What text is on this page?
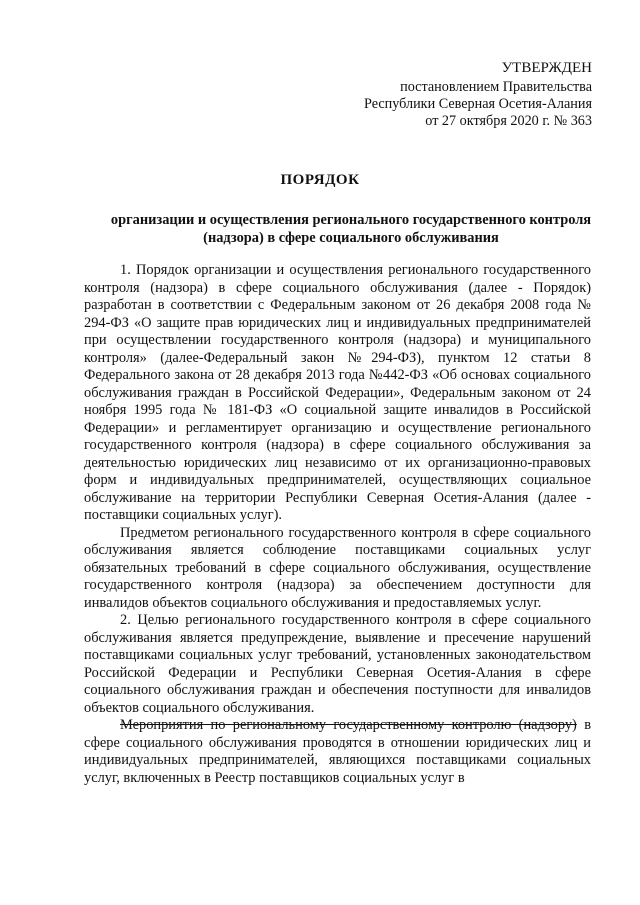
УТВЕРЖДЕН
постановлением Правительства
Республики Северная Осетия-Алания
от 27 октября 2020 г. № 363
ПОРЯДОК
организации и осуществления регионального государственного контроля (надзора) в сфере социального обслуживания

1. Порядок организации и осуществления регионального государственного контроля (надзора) в сфере социального обслуживания (далее - Порядок) разработан в соответствии с Федеральным законом от 26 декабря 2008 года № 294-ФЗ «О защите прав юридических лиц и индивидуальных предпринимателей при осуществлении государственного контроля (надзора) и муниципального контроля» (далее-Федеральный закон №294-ФЗ), пунктом 12 статьи 8 Федерального закона от 28 декабря 2013 года №442-ФЗ «Об основах социального обслуживания граждан в Российской Федерации», Федеральным законом от 24 ноября 1995 года № 181-ФЗ «О социальной защите инвалидов в Российской Федерации» и регламентирует организацию и осуществление регионального государственного контроля (надзора) в сфере социального обслуживания за деятельностью юридических лиц независимо от их организационно-правовых форм и индивидуальных предпринимателей, осуществляющих социальное обслуживание на территории Республики Северная Осетия-Алания (далее - поставщики социальных услуг).

Предметом регионального государственного контроля в сфере социального обслуживания является соблюдение поставщиками социальных услуг обязательных требований в сфере социального обслуживания, осуществление государственного контроля (надзора) за обеспечением доступности для инвалидов объектов социального обслуживания и предоставляемых услуг.

2. Целью регионального государственного контроля в сфере социального обслуживания является предупреждение, выявление и пресечение нарушений поставщиками социальных услуг требований, установленных законодательством Российской Федерации и Республики Северная Осетия-Алания в сфере социального обслуживания граждан и обеспечения поступности для инвалидов объектов социального обслуживания.

Мероприятия по региональному государственному контролю (надзору) в сфере социального обслуживания проводятся в отношении юридических лиц и индивидуальных предпринимателей, являющихся поставщиками социальных услуг, включенных в Реестр поставщиков социальных услуг в
